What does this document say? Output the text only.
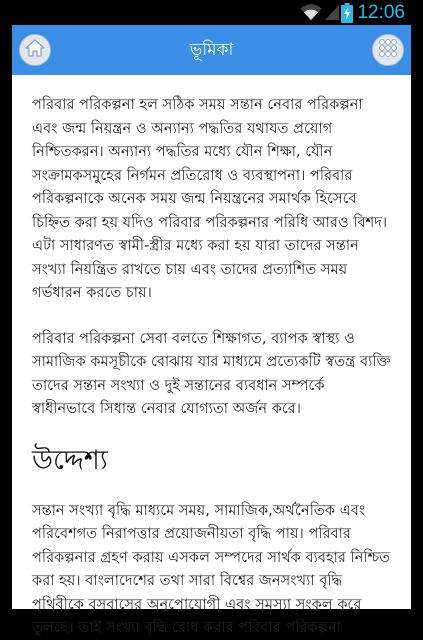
12:06
ভূমিকা

পরিবার পরিকল্পনা হল সঠিক সময় সন্তান নেবার পরিকল্পনা এবং জন্ম নিয়ন্ত্রন ও অন্যান্য পদ্ধতির যথাযত প্রয়োগ নিশ্চিতকরন। অন্যান্য পদ্ধতির মধ্যে যৌন শিক্ষা, যৌন সংক্রামকসমুহের নির্গমন প্রতিরোধ ও ব্যবস্থাপনা। পরিবার পরিকল্পনাকে অনেক সময় জন্ম নিয়ন্ত্রনের সমার্থক হিসেবে চিহ্নিত করা হয় যদিও পরিবার পরিকল্পনার পরিধি আরও বিশদ। এটা সাধারণত স্বামী-স্ত্রীর মধ্যে করা হয় যারা তাদের সন্তান সংখ্যা নিয়ন্ত্রিত রাখতে চায় এবং তাদের প্রত্যাশিত সময় গর্ভধারন করতে চায়।

পরিবার পরিকল্পনা সেবা বলতে শিক্ষাগত, ব্যাপক স্বাস্থ্য ও সামাজিক কমসূচীকে বোঝায় যার মাধ্যমে প্রত্যেকটি স্বতন্ত্র ব্যক্তি তাদের সন্তান সংখ্যা ও দুই সন্তানের ব্যবধান সম্পর্কে স্বাধীনভাবে সিধান্ত নেবার যোগ্যতা অর্জন করে।

উদ্দেশ্য

সন্তান সংখ্যা বৃদ্ধি মাধ্যমে সময়, সামাজিক,অর্থনৈতিক এবং পরিবেশগত নিরাপত্তার প্রয়োজনীয়তা বৃদ্ধি পায়। পরিবার পরিকল্পনার গ্রহণ করায় এসকল সম্পদের সার্থক ব্যবহার নিশ্চিত করা হয়। বাংলাদেশের তথা সারা বিশ্বের জনসংখ্যা বৃদ্ধি পৃথিবীকে বসবাসের অনুপোযোগী এবং সমস্যা সংকুল করে তুলছে। তাই সংখ্যা বৃদ্ধি রোধ করার পরিবার পরিকল্পনা
